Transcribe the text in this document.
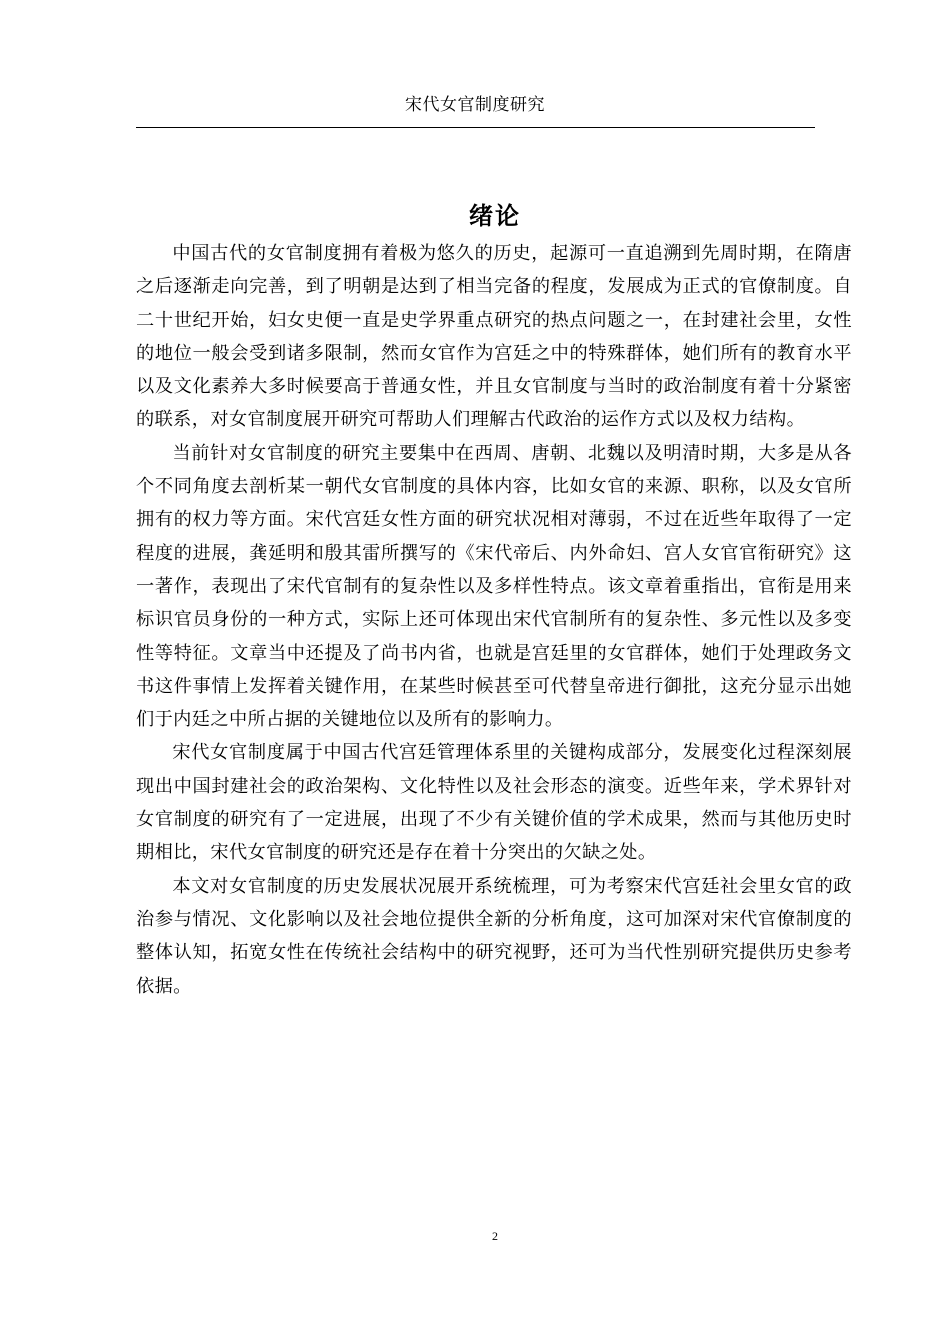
宋代女官制度研究
绪论

中国古代的女官制度拥有着极为悠久的历史，起源可一直追溯到先周时期，在隋唐之后逐渐走向完善，到了明朝是达到了相当完备的程度，发展成为正式的官僚制度。自二十世纪开始，妇女史便一直是史学界重点研究的热点问题之一，在封建社会里，女性的地位一般会受到诸多限制，然而女官作为宫廷之中的特殊群体，她们所有的教育水平以及文化素养大多时候要高于普通女性，并且女官制度与当时的政治制度有着十分紧密的联系，对女官制度展开研究可帮助人们理解古代政治的运作方式以及权力结构。

当前针对女官制度的研究主要集中在西周、唐朝、北魏以及明清时期，大多是从各个不同角度去剖析某一朝代女官制度的具体内容，比如女官的来源、职称，以及女官所拥有的权力等方面。宋代宫廷女性方面的研究状况相对薄弱，不过在近些年取得了一定程度的进展，龚延明和殷其雷所撰写的《宋代帝后、内外命妇、宫人女官官衔研究》这一著作，表现出了宋代官制有的复杂性以及多样性特点。该文章着重指出，官衔是用来标识官员身份的一种方式，实际上还可体现出宋代官制所有的复杂性、多元性以及多变性等特征。文章当中还提及了尚书内省，也就是宫廷里的女官群体，她们于处理政务文书这件事情上发挥着关键作用，在某些时候甚至可代替皇帝进行御批，这充分显示出她们于内廷之中所占据的关键地位以及所有的影响力。

宋代女官制度属于中国古代宫廷管理体系里的关键构成部分，发展变化过程深刻展现出中国封建社会的政治架构、文化特性以及社会形态的演变。近些年来，学术界针对女官制度的研究有了一定进展，出现了不少有关键价值的学术成果，然而与其他历史时期相比，宋代女官制度的研究还是存在着十分突出的欠缺之处。

本文对女官制度的历史发展状况展开系统梳理，可为考察宋代宫廷社会里女官的政治参与情况、文化影响以及社会地位提供全新的分析角度，这可加深对宋代官僚制度的整体认知，拓宽女性在传统社会结构中的研究视野，还可为当代性别研究提供历史参考依据。

2
